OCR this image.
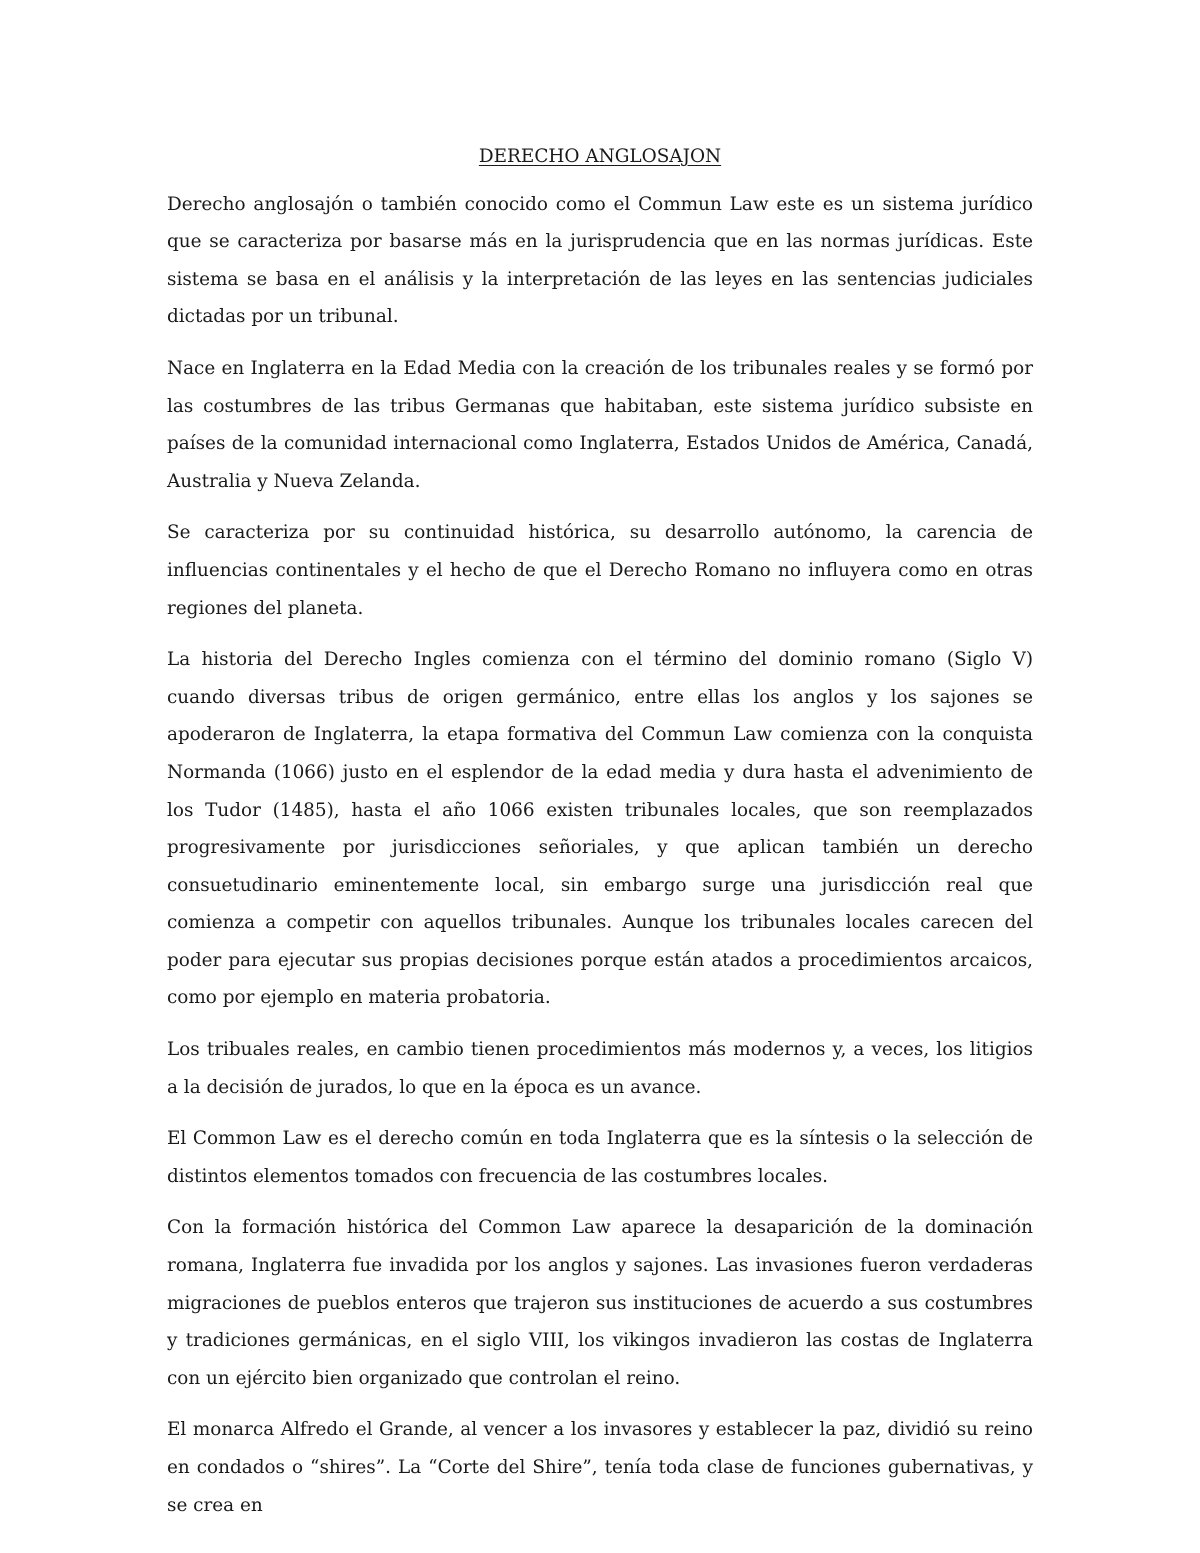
DERECHO ANGLOSAJON

Derecho anglosajón o también conocido como el Commun Law este es un sistema jurídico que se caracteriza por basarse más en la jurisprudencia que en las normas jurídicas. Este sistema se basa en el análisis y la interpretación de las leyes en las sentencias judiciales dictadas por un tribunal.

Nace en Inglaterra en la Edad Media con la creación de los tribunales reales y se formó por las costumbres de las tribus Germanas que habitaban, este sistema jurídico subsiste en países de la comunidad internacional como Inglaterra, Estados Unidos de América, Canadá, Australia y Nueva Zelanda.

Se caracteriza por su continuidad histórica, su desarrollo autónomo, la carencia de influencias continentales y el hecho de que el Derecho Romano no influyera como en otras regiones del planeta.

La historia del Derecho Ingles comienza con el término del dominio romano (Siglo V) cuando diversas tribus de origen germánico, entre ellas los anglos y los sajones se apoderaron de Inglaterra, la etapa formativa del Commun Law comienza con la conquista Normanda (1066) justo en el esplendor de la edad media y dura hasta el advenimiento de los Tudor (1485), hasta el año 1066 existen tribunales locales, que son reemplazados progresivamente por jurisdicciones señoriales, y que aplican también un derecho consuetudinario eminentemente local, sin embargo surge una jurisdicción real que comienza a competir con aquellos tribunales. Aunque los tribunales locales carecen del poder para ejecutar sus propias decisiones porque están atados a procedimientos arcaicos, como por ejemplo en materia probatoria.

Los tribuales reales, en cambio tienen procedimientos más modernos y, a veces, los litigios a la decisión de jurados, lo que en la época es un avance.

El Common Law es el derecho común en toda Inglaterra que es la síntesis o la selección de distintos elementos tomados con frecuencia de las costumbres locales.

Con la formación histórica del Common Law aparece la desaparición de la dominación romana, Inglaterra fue invadida por los anglos y sajones. Las invasiones fueron verdaderas migraciones de pueblos enteros que trajeron sus instituciones de acuerdo a sus costumbres y tradiciones germánicas, en el siglo VIII, los vikingos invadieron las costas de Inglaterra con un ejército bien organizado que controlan el reino.

El monarca Alfredo el Grande, al vencer a los invasores y establecer la paz, dividió su reino en condados o “shires”. La “Corte del Shire”, tenía toda clase de funciones gubernativas, y se crea en
